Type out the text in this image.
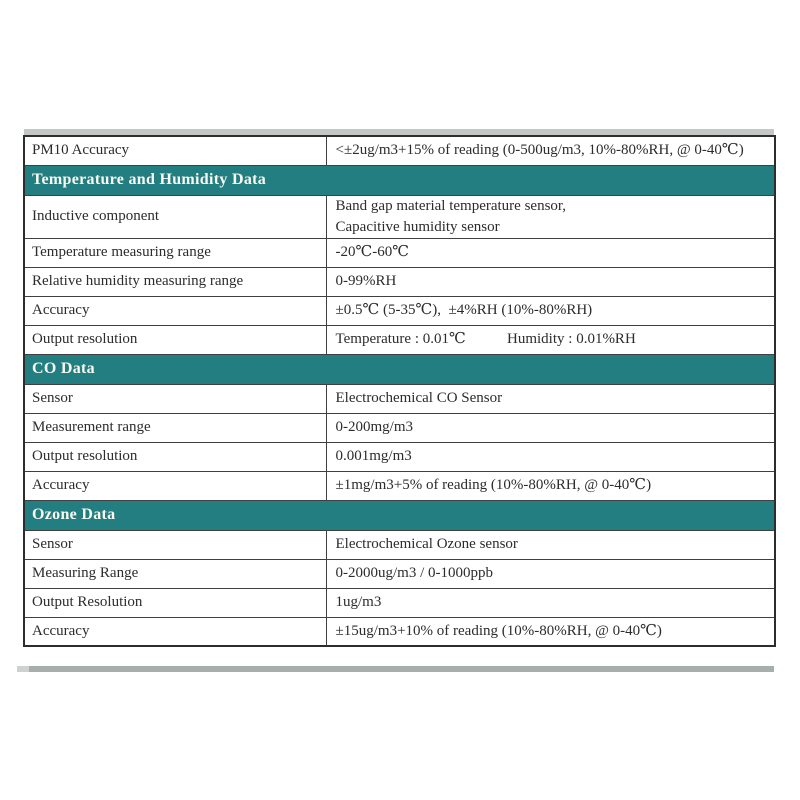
PM10 Accuracy	<±2ug/m3+15% of reading (0-500ug/m3, 10%-80%RH, @ 0-40℃)
Temperature and Humidity Data	
Inductive component	Band gap material temperature sensor,
Capacitive humidity sensor

Temperature measuring range	-20℃-60℃
Relative humidity measuring range	0-99%RH
Accuracy	±0.5℃ (5-35℃),  ±4%RH (10%-80%RH)
Output resolution	Temperature : 0.01℃           Humidity : 0.01%RH
CO Data	
Sensor	Electrochemical CO Sensor
Measurement range	0-200mg/m3
Output resolution	0.001mg/m3
Accuracy	±1mg/m3+5% of reading (10%-80%RH, @ 0-40℃)
Ozone Data	
Sensor	Electrochemical Ozone sensor
Measuring Range	0-2000ug/m3 / 0-1000ppb
Output Resolution	1ug/m3
Accuracy	±15ug/m3+10% of reading (10%-80%RH, @ 0-40℃)
